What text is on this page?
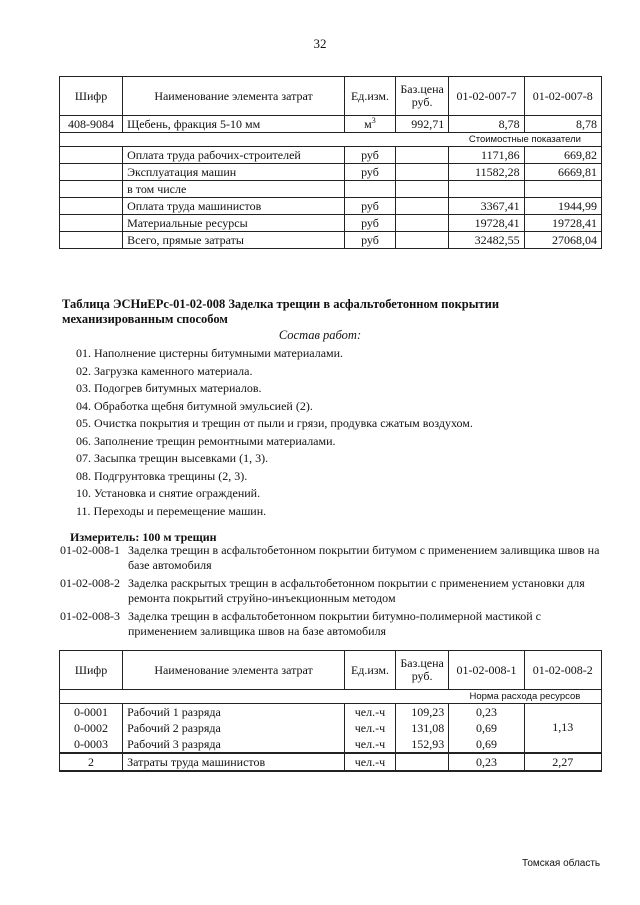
32
Шифр	Наименование элемента затрат	Ед.изм.	Баз.цена руб.	01-02-007-7	01-02-007-8
408-9084	Щебень, фракция 5-10 мм	$м^3$	992,71	8,78	8,78
				Стоимостные показатели	
	Оплата труда рабочих-строителей	руб		1171,86	669,82
	Эксплуатация машин	руб		11582,28	6669,81
	в том числе				
	Оплата труда машинистов	руб		3367,41	1944,99
	Материальные ресурсы	руб		19728,41	19728,41
	Всего, прямые затраты	руб		32482,55	27068,04
Таблица ЭСНиЕРс-01-02-008 Заделка трещин в асфальтобетонном покрытии механизированным способом
Состав работ:
01. Наполнение цистерны битумными материалами.
02. Загрузка каменного материала.
03. Подогрев битумных материалов.
04. Обработка щебня битумной эмульсией (2).
05. Очистка покрытия и трещин от пыли и грязи, продувка сжатым воздухом.
06. Заполнение трещин ремонтными материалами.
07. Засыпка трещин высевками (1, 3).
08. Подгрунтовка трещины (2, 3).
10. Установка и снятие ограждений.
11. Переходы и перемещение машин.
Измеритель: 100 м трещин
01-02-008-1 Заделка трещин в асфальтобетонном покрытии битумом с применением заливщика швов на базе автомобиля
01-02-008-2 Заделка раскрытых трещин в асфальтобетонном покрытии с применением установки для ремонта покрытий струйно-инъекционным методом
01-02-008-3 Заделка трещин в асфальтобетонном покрытии битумно-полимерной мастикой с применением заливщика швов на базе автомобиля
Шифр	Наименование элемента затрат	Ед.изм.	Баз.цена руб.	01-02-008-1	01-02-008-2
				Норма расхода ресурсов	
0-0001	Рабочий 1 разряда	чел.-ч	109,23	0,23	
0-0002	Рабочий 2 разряда	чел.-ч	131,08	0,69	1,13
0-0003	Рабочий 3 разряда	чел.-ч	152,93	0,69	
2	Затраты труда машинистов	чел.-ч		0,23	2,27
Томская область
